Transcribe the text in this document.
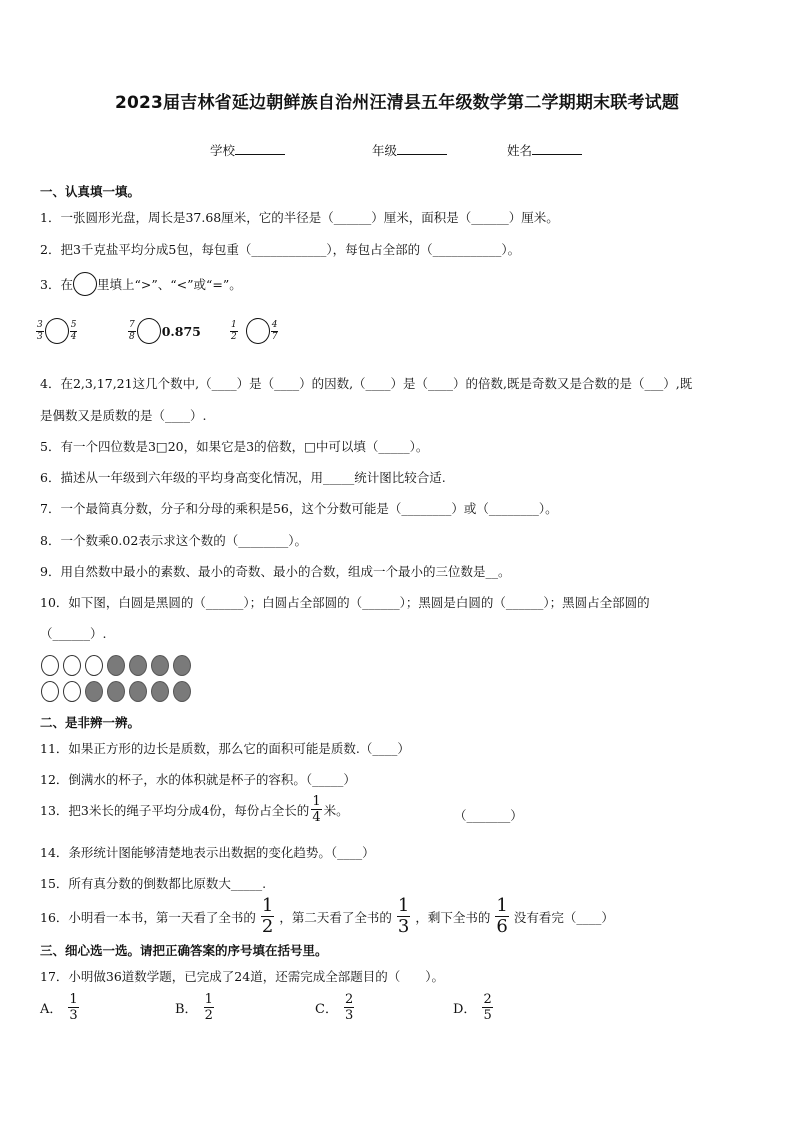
2023届吉林省延边朝鲜族自治州汪清县五年级数学第二学期期末联考试题
学校	年级	姓名
一、认真填一填。
1．一张圆形光盘，周长是37.68厘米，它的半径是（______）厘米，面积是（______）厘米。
2．把3千克盐平均分成5包，每包重（____________），每包占全部的（___________）。
3．在 里填上“>”、“<”或“=”。
$\frac{3}{3}$	$\frac{5}{4}$	$\frac{7}{8} 0.875$	$\frac{1}{2}$	$\frac{4}{7}$
4．在2,3,17,21这几个数中,（____）是（____）的因数,（____）是（____）的倍数,既是奇数又是合数的是（___）,既
是偶数又是质数的是（____）.
5．有一个四位数是3□20，如果它是3的倍数，□中可以填（_____）。
6．描述从一年级到六年级的平均身高变化情况，用_____统计图比较合适.
7．一个最简真分数，分子和分母的乘积是56，这个分数可能是（________）或（________）。
8．一个数乘0.02表示求这个数的（________）。
9．用自然数中最小的素数、最小的奇数、最小的合数，组成一个最小的三位数是__。
10．如下图，白圆是黑圆的（______）；白圆占全部圆的（______）；黑圆是白圆的（______）；黑圆占全部圆的
（______）.
二、是非辨一辨。
11．如果正方形的边长是质数，那么它的面积可能是质数.（____）
12．倒满水的杯子，水的体积就是杯子的容积。（_____）
13．把3米长的绳子平均分成4份，每份占全长的 $\frac{1}{4}$ 米。	（_______）
14．条形统计图能够清楚地表示出数据的变化趋势。（____）
15．所有真分数的倒数都比原数大_____.
16．小明看一本书，第一天看了全书的 $\frac{1}{2}$ ，第二天看了全书的 $\frac{1}{3}$ ，剩下全书的 $\frac{1}{6}$ 没有看完（____）
三、细心选一选。请把正确答案的序号填在括号里。
17．小明做36道数学题，已完成了24道，还需完成全部题目的（　　）。
A． $\frac{1}{3}$	B． $\frac{1}{2}$	C． $\frac{2}{3}$	D． $\frac{2}{5}$
